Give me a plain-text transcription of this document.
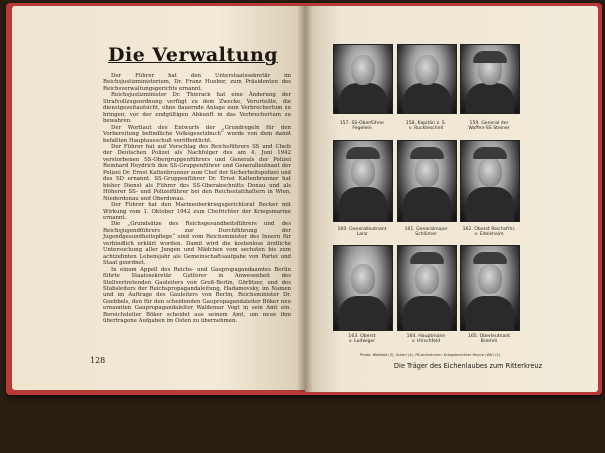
Die Verwaltung

Der Führer hat den Unterstaatssekretär im Reichsjustizministerium, Dr. Franz Hueber, zum Präsidenten des Reichsverwaltungsgerichts ernannt.

Reichsjustizminister Dr. Thierack hat eine Änderung der Strafvollzugsordnung verfügt zu dem Zwecke, Verurteilte, die dienstgezeitaufsicht, ohne dauernde Anlage zum Verbrechertum zu bringen, vor der endgültigen Abkunft in das Verbrechertum zu bewahren.

Der Wortlaut des Entwurfs der „Grundregeln für den Vorbereitung befindliche Volksgesetzbuch“ wurde von dem damit befaßten Hauptausschuß veröffentlicht.

Der Führer hat auf Vorschlag des Reichsführers SS und Chefs der Deutschen Polizei als Nachfolger des am 4. Juni 1942 verstorbenen SS-Obergruppenführers und Generals der Polizei Reinhard Heydrich den SS-Gruppenführer und Generalleutnant der Polizei Dr. Ernst Kaltenbrunner zum Chef der Sicherheitspolizei und des SD ernannt. SS-Gruppenführer Dr. Ernst Kaltenbrunner hat bisher Dienst als Führer des SS-Oberabschnitts Donau und als Höherer SS- und Polizeiführer bei den Reichsstatthaltern in Wien, Niederdonau und Oberdonau.

Der Führer hat den Marineoberkriegsgerichtsrat Becker mit Wirkung vom 1. Oktober 1942 zum Chefrichter der Kriegsmarine ernannt.

Die „Grundsätze des Reichsgesundheitsführers und des Reichsjugendführers zur Durchführung der Jugendgesundheitspflege“ sind vom Reichsminister des Innern für verbindlich erklärt worden. Damit wird die kostenlose ärztliche Untersuchung aller Jungen und Mädchen vom sechsten bis zum achtzehnten Lebensjahr als Gemeinschaftsaufgabe von Partei und Staat geordnet.

In einem Appell des Reichs- und Gaupropagandaamtes Berlin führte Staatssekretär Gutterer in Anwesenheit des Stellvertretenden Gauleiters von Groß-Berlin, Görlitzer, und des Stabsleiters der Reichspropagandaleitung, Hadamovsky, im Namen und im Auftrage des Gauleiters von Berlin, Reichsminister Dr. Goebbels, den für den scheidenden Gaupropagandaleiter Böker neu ernannten Gaupropagandaleiter Waldemar Vogt in sein Amt ein. Bereichsleiter Böker scheidet aus seinem Amt, um neue ihm übertragene Aufgaben im Osten zu übernehmen.

128
157. SS-Oberführer
Fegelein
158. Kapitän z. S.
v. Ruckteschell
159. General der
Waffen-SS Steiner
160. Generalleutnant
Lanz
161. Generalmajor
Schlömer
162. Oberst Reichsfrhr.
v. Edelsheim
163. Oberst
v. Ludwiger
164. Hauptmann
v. Hirschfeld
165. Oberleutnant
Bremm
Photo: Weltbild (3), Scherl (4), PK-Aufnahmen: Kriegsberichter Heyne (Wb) (2)
Die Träger des Eichenlaubes zum Ritterkreuz
